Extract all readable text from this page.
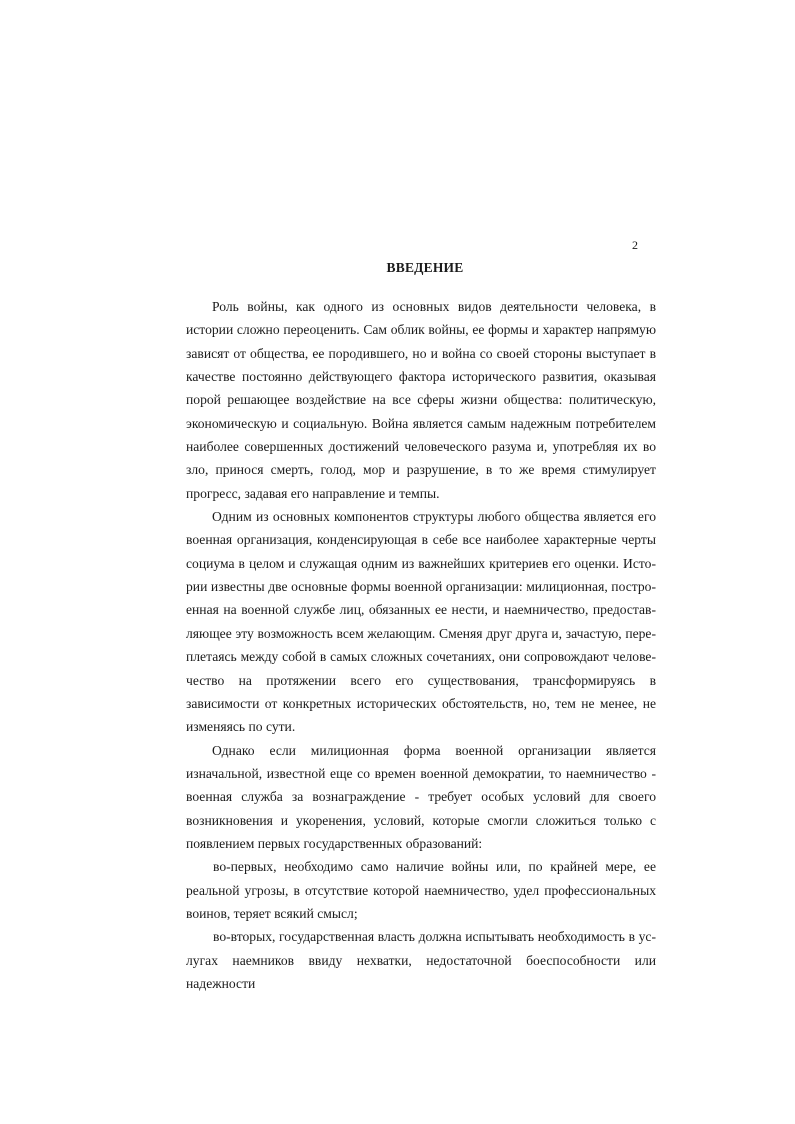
2
ВВЕДЕНИЕ

Роль войны, как одного из основных видов деятельности человека, в истории сложно переоценить. Сам облик войны, ее формы и характер напрямую зависят от общества, ее породившего, но и война со своей стороны выступает в качестве постоянно действующего фактора исторического развития, оказывая порой решающее воздействие на все сферы жизни общества: политическую, экономическую и социальную. Война является самым надежным потребителем наиболее совершенных достижений человеческого разума и, употребляя их во зло, принося смерть, голод, мор и разрушение, в то же время стимулирует прогресс, задавая его направление и темпы.

Одним из основных компонентов структуры любого общества является его военная организация, конденсирующая в себе все наиболее характерные черты социума в целом и служащая одним из важнейших критериев его оценки. Истории известны две основные формы военной организации: милиционная, построенная на военной службе лиц, обязанных ее нести, и наемничество, предоставляющее эту возможность всем желающим. Сменяя друг друга и, зачастую, переплетаясь между собой в самых сложных сочетаниях, они сопровождают человечество на протяжении всего его существования, трансформируясь в зависимости от конкретных исторических обстоятельств, но, тем не менее, не изменяясь по сути.

Однако если милиционная форма военной организации является изначальной, известной еще со времен военной демократии, то наемничество - военная служба за вознаграждение - требует особых условий для своего возникновения и укоренения, условий, которые смогли сложиться только с появлением первых государственных образований:

во-первых, необходимо само наличие войны или, по крайней мере, ее реальной угрозы, в отсутствие которой наемничество, удел профессиональных воинов, теряет всякий смысл;

во-вторых, государственная власть должна испытывать необходимость в услугах наемников ввиду нехватки, недостаточной боеспособности или надежности
